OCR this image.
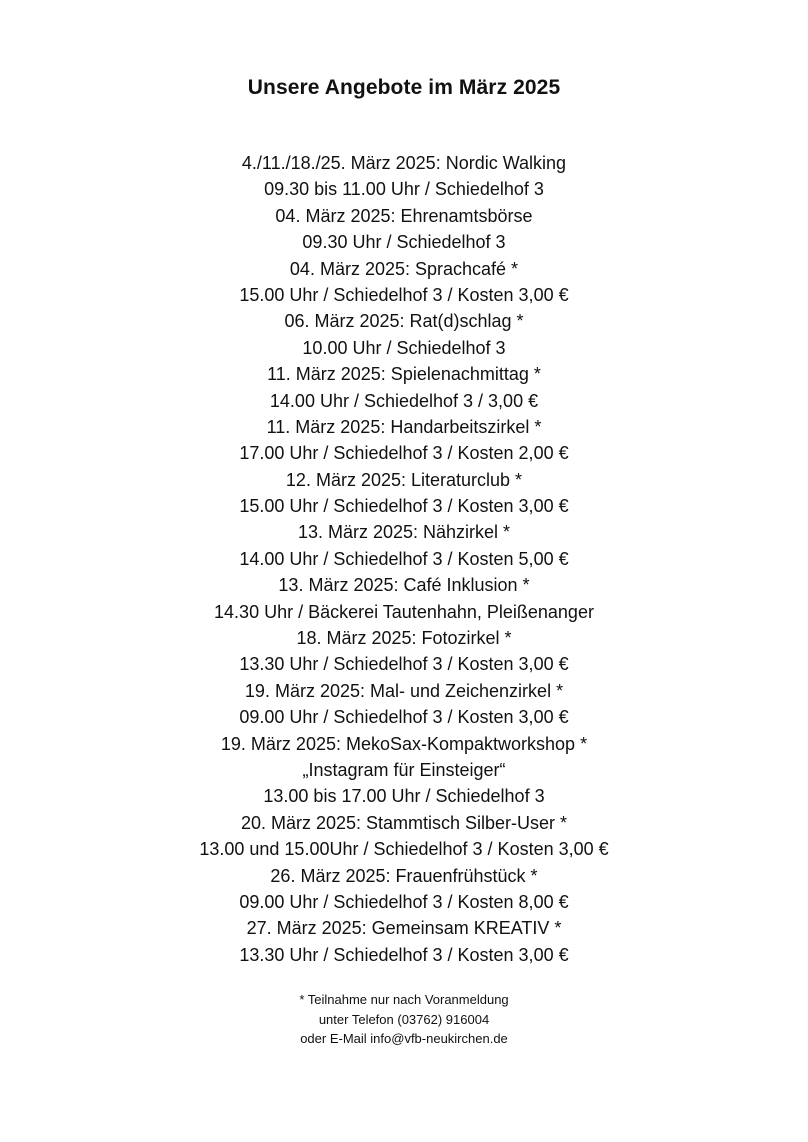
Unsere Angebote im März 2025
4./11./18./25. März 2025: Nordic Walking
09.30 bis 11.00 Uhr / Schiedelhof 3
04. März 2025: Ehrenamtsbörse
09.30 Uhr / Schiedelhof 3
04. März 2025: Sprachcafé *
15.00 Uhr / Schiedelhof 3 / Kosten 3,00 €
06. März 2025: Rat(d)schlag *
10.00 Uhr / Schiedelhof 3
11. März 2025: Spielenachmittag *
14.00 Uhr / Schiedelhof 3 / 3,00 €
11. März 2025: Handarbeitszirkel *
17.00 Uhr / Schiedelhof 3 / Kosten 2,00 €
12. März 2025: Literaturclub *
15.00 Uhr / Schiedelhof 3 / Kosten 3,00 €
13. März 2025: Nähzirkel *
14.00 Uhr / Schiedelhof 3 / Kosten 5,00 €
13. März 2025: Café Inklusion *
14.30 Uhr / Bäckerei Tautenhahn, Pleißenanger
18. März 2025: Fotozirkel *
13.30 Uhr / Schiedelhof 3 / Kosten 3,00 €
19. März 2025: Mal- und Zeichenzirkel *
09.00 Uhr / Schiedelhof 3 / Kosten 3,00 €
19. März 2025: MekoSax-Kompaktworkshop *
„Instagram für Einsteiger“
13.00 bis 17.00 Uhr / Schiedelhof 3
20. März 2025: Stammtisch Silber-User *
13.00 und 15.00Uhr / Schiedelhof 3 / Kosten 3,00 €
26. März 2025: Frauenfrühstück *
09.00 Uhr / Schiedelhof 3 / Kosten 8,00 €
27. März 2025: Gemeinsam KREATIV *
13.30 Uhr / Schiedelhof 3 / Kosten 3,00 €
* Teilnahme nur nach Voranmeldung
unter Telefon (03762) 916004
oder E-Mail info@vfb-neukirchen.de
